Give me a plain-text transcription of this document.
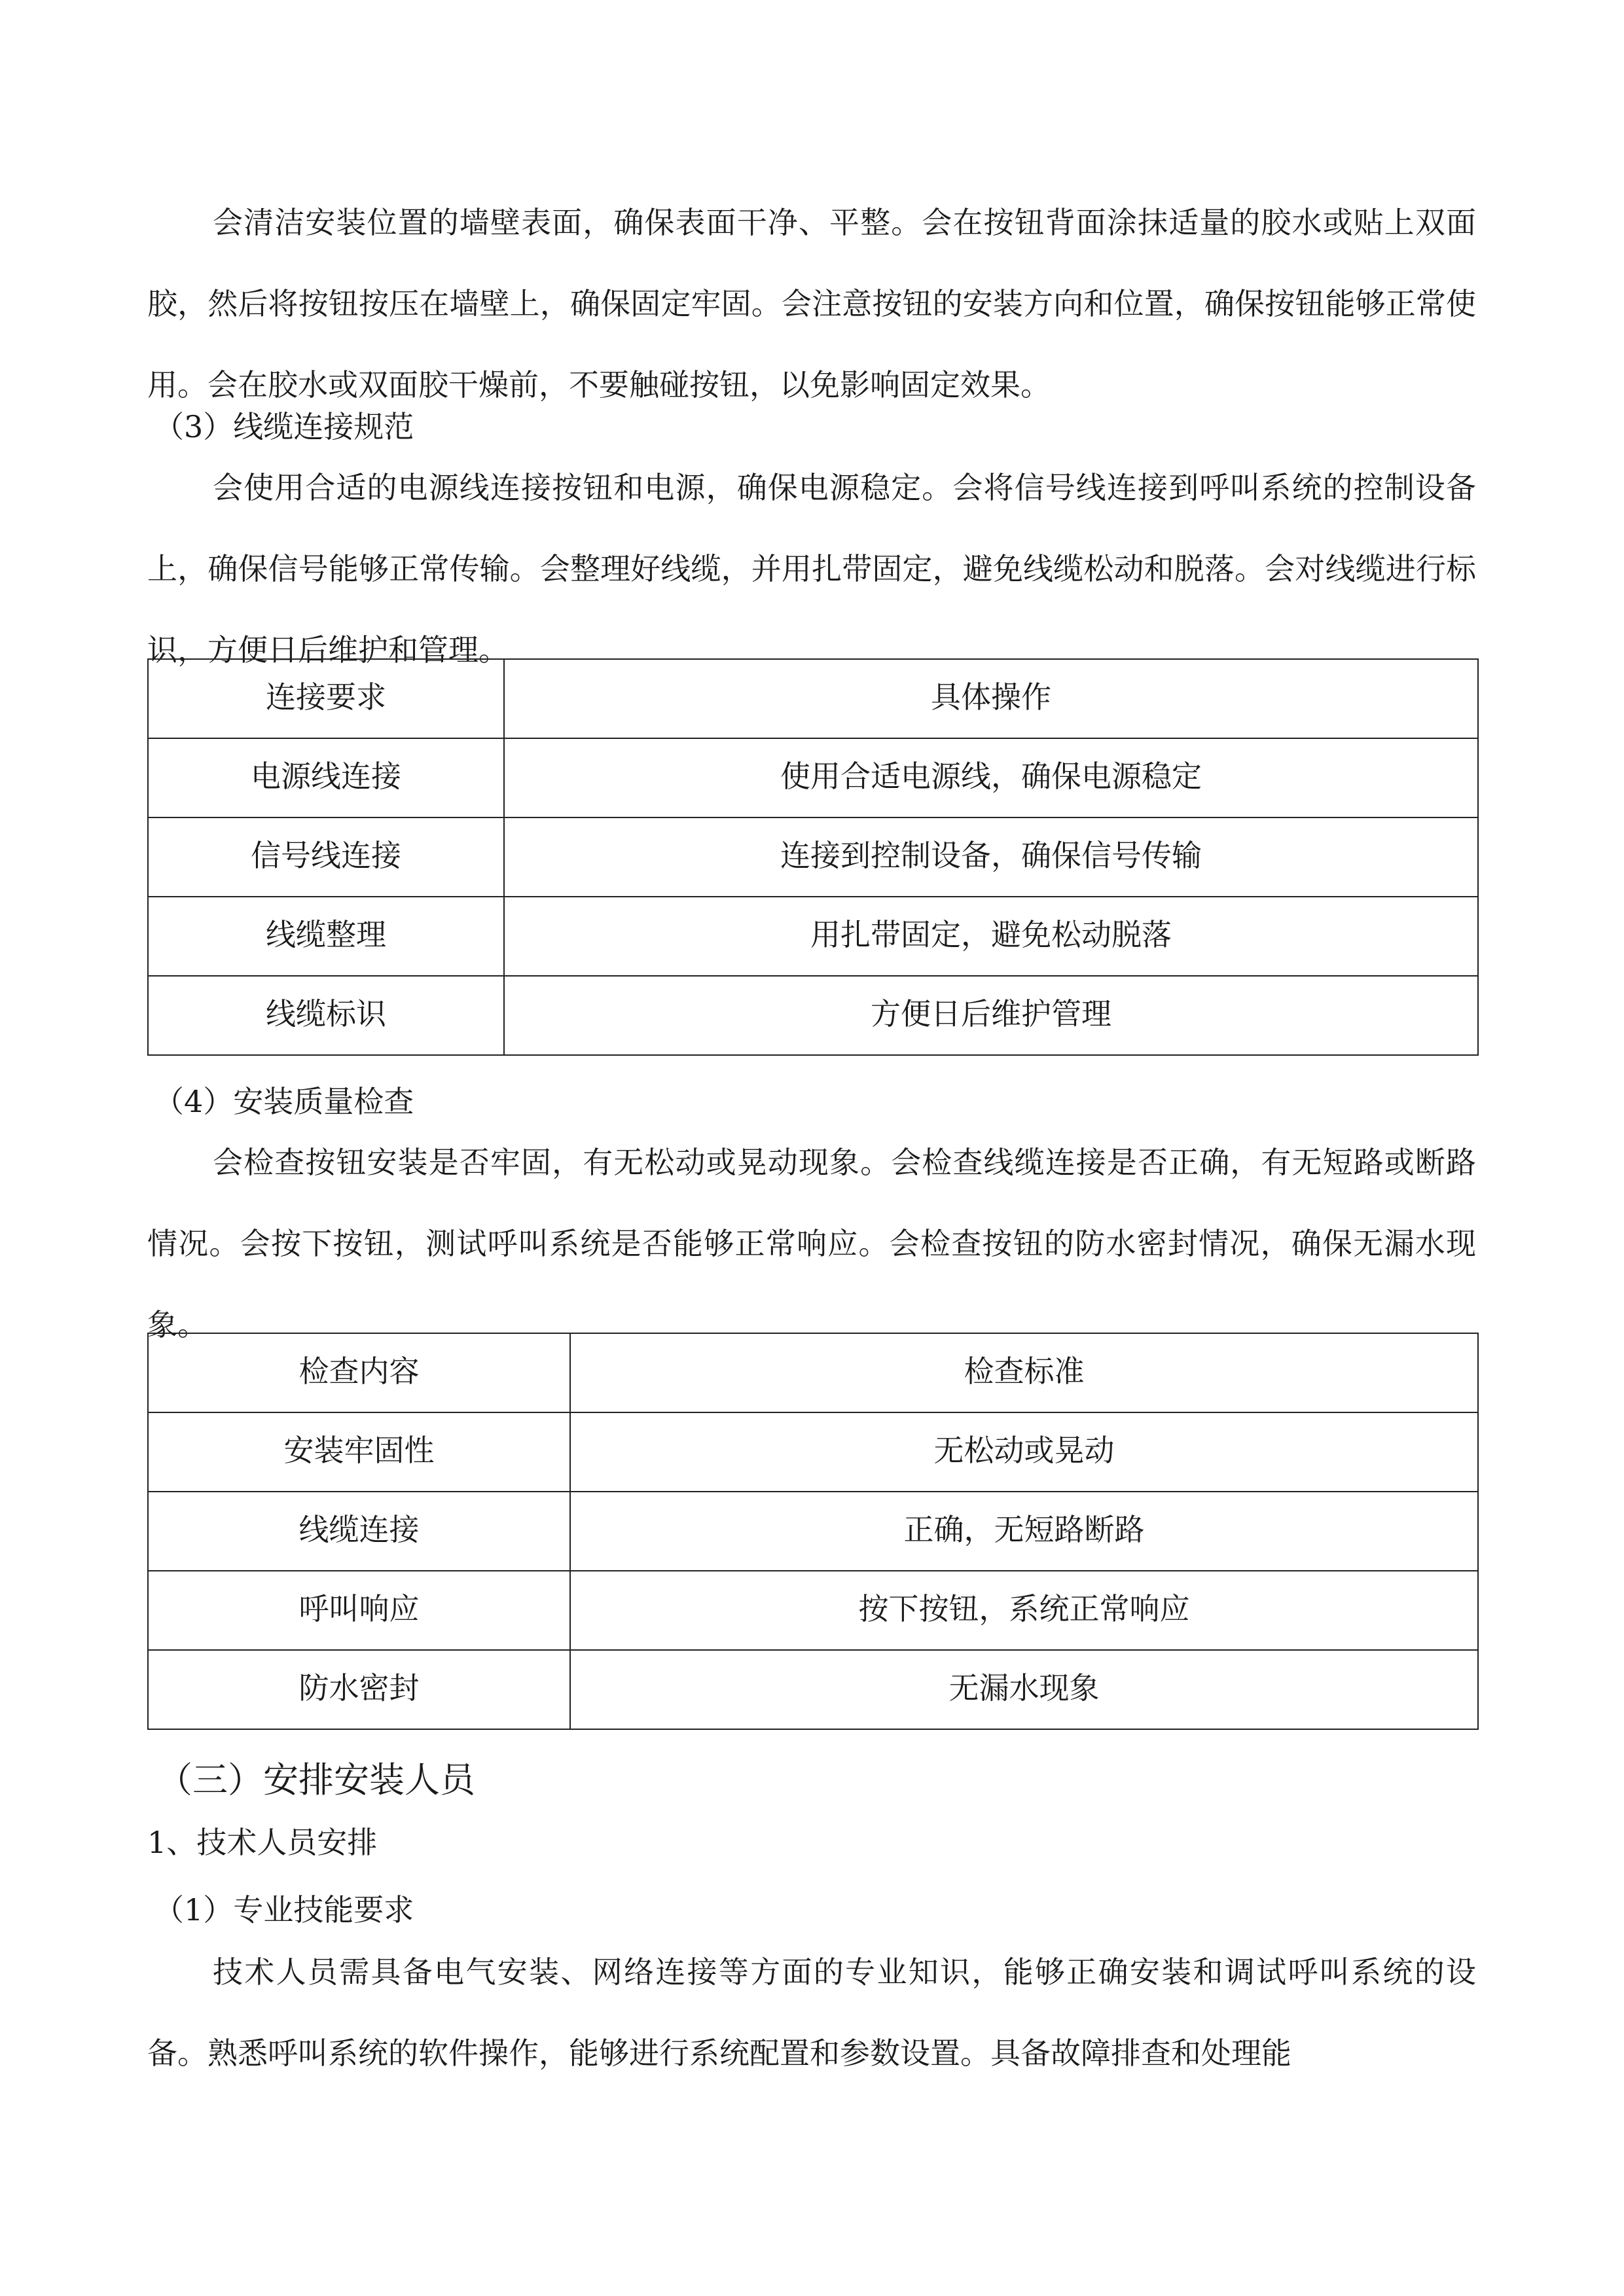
会清洁安装位置的墙壁表面，确保表面干净、平整。会在按钮背面涂抹适量的胶水或贴上双面胶，然后将按钮按压在墙壁上，确保固定牢固。会注意按钮的安装方向和位置，确保按钮能够正常使用。会在胶水或双面胶干燥前，不要触碰按钮，以免影响固定效果。

（3）线缆连接规范

会使用合适的电源线连接按钮和电源，确保电源稳定。会将信号线连接到呼叫系统的控制设备上，确保信号能够正常传输。会整理好线缆，并用扎带固定，避免线缆松动和脱落。会对线缆进行标识，方便日后维护和管理。

连接要求	具体操作
电源线连接	使用合适电源线，确保电源稳定
信号线连接	连接到控制设备，确保信号传输
线缆整理	用扎带固定，避免松动脱落
线缆标识	方便日后维护管理

（4）安装质量检查

会检查按钮安装是否牢固，有无松动或晃动现象。会检查线缆连接是否正确，有无短路或断路情况。会按下按钮，测试呼叫系统是否能够正常响应。会检查按钮的防水密封情况，确保无漏水现象。

检查内容	检查标准
安装牢固性	无松动或晃动
线缆连接	正确，无短路断路
呼叫响应	按下按钮，系统正常响应
防水密封	无漏水现象

（三）安排安装人员

1、技术人员安排

（1）专业技能要求

技术人员需具备电气安装、网络连接等方面的专业知识，能够正确安装和调试呼叫系统的设备。熟悉呼叫系统的软件操作，能够进行系统配置和参数设置。具备故障排查和处理能
